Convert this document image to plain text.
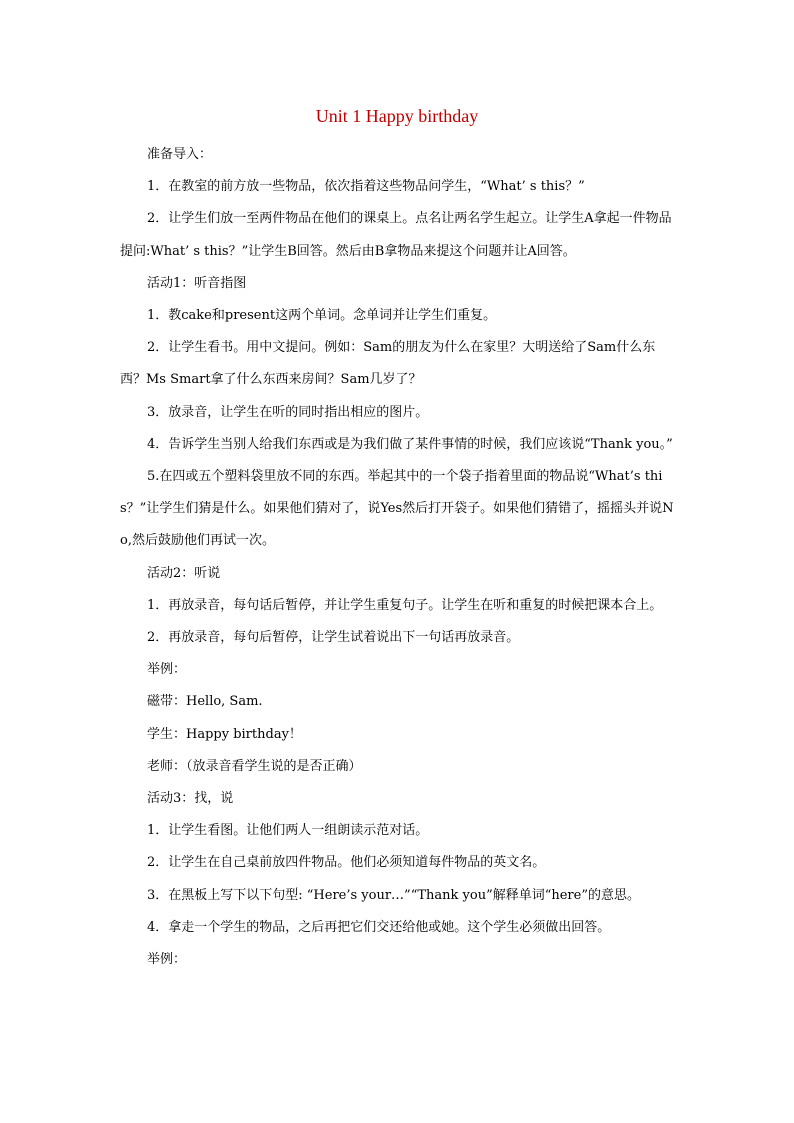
Unit 1 Happy birthday

准备导入：

1．在教室的前方放一些物品，依次指着这些物品问学生，“What’ s this？”

2．让学生们放一至两件物品在他们的课桌上。点名让两名学生起立。让学生A拿起一件物品提问:What’ s this？”让学生B回答。然后由B拿物品来提这个问题并让A回答。

活动1：听音指图

1．教cake和present这两个单词。念单词并让学生们重复。

2．让学生看书。用中文提问。例如：Sam的朋友为什么在家里？大明送给了Sam什么东西？Ms Smart拿了什么东西来房间？Sam几岁了？

3．放录音，让学生在听的同时指出相应的图片。

4．告诉学生当别人给我们东西或是为我们做了某件事情的时候，我们应该说“Thank you。”

5.在四或五个塑料袋里放不同的东西。举起其中的一个袋子指着里面的物品说“What’s this？”让学生们猜是什么。如果他们猜对了，说Yes然后打开袋子。如果他们猜错了，摇摇头并说No,然后鼓励他们再试一次。

活动2：听说

1．再放录音，每句话后暂停，并让学生重复句子。让学生在听和重复的时候把课本合上。

2．再放录音，每句后暂停，让学生试着说出下一句话再放录音。

举例：

磁带：Hello, Sam.

学生：Happy birthday！

老师：（放录音看学生说的是否正确）

活动3：找，说

1．让学生看图。让他们两人一组朗读示范对话。

2．让学生在自己桌前放四件物品。他们必须知道每件物品的英文名。

3．在黑板上写下以下句型: “Here’s your…”“Thank you”解释单词“here”的意思。

4．拿走一个学生的物品，之后再把它们交还给他或她。这个学生必须做出回答。

举例：
